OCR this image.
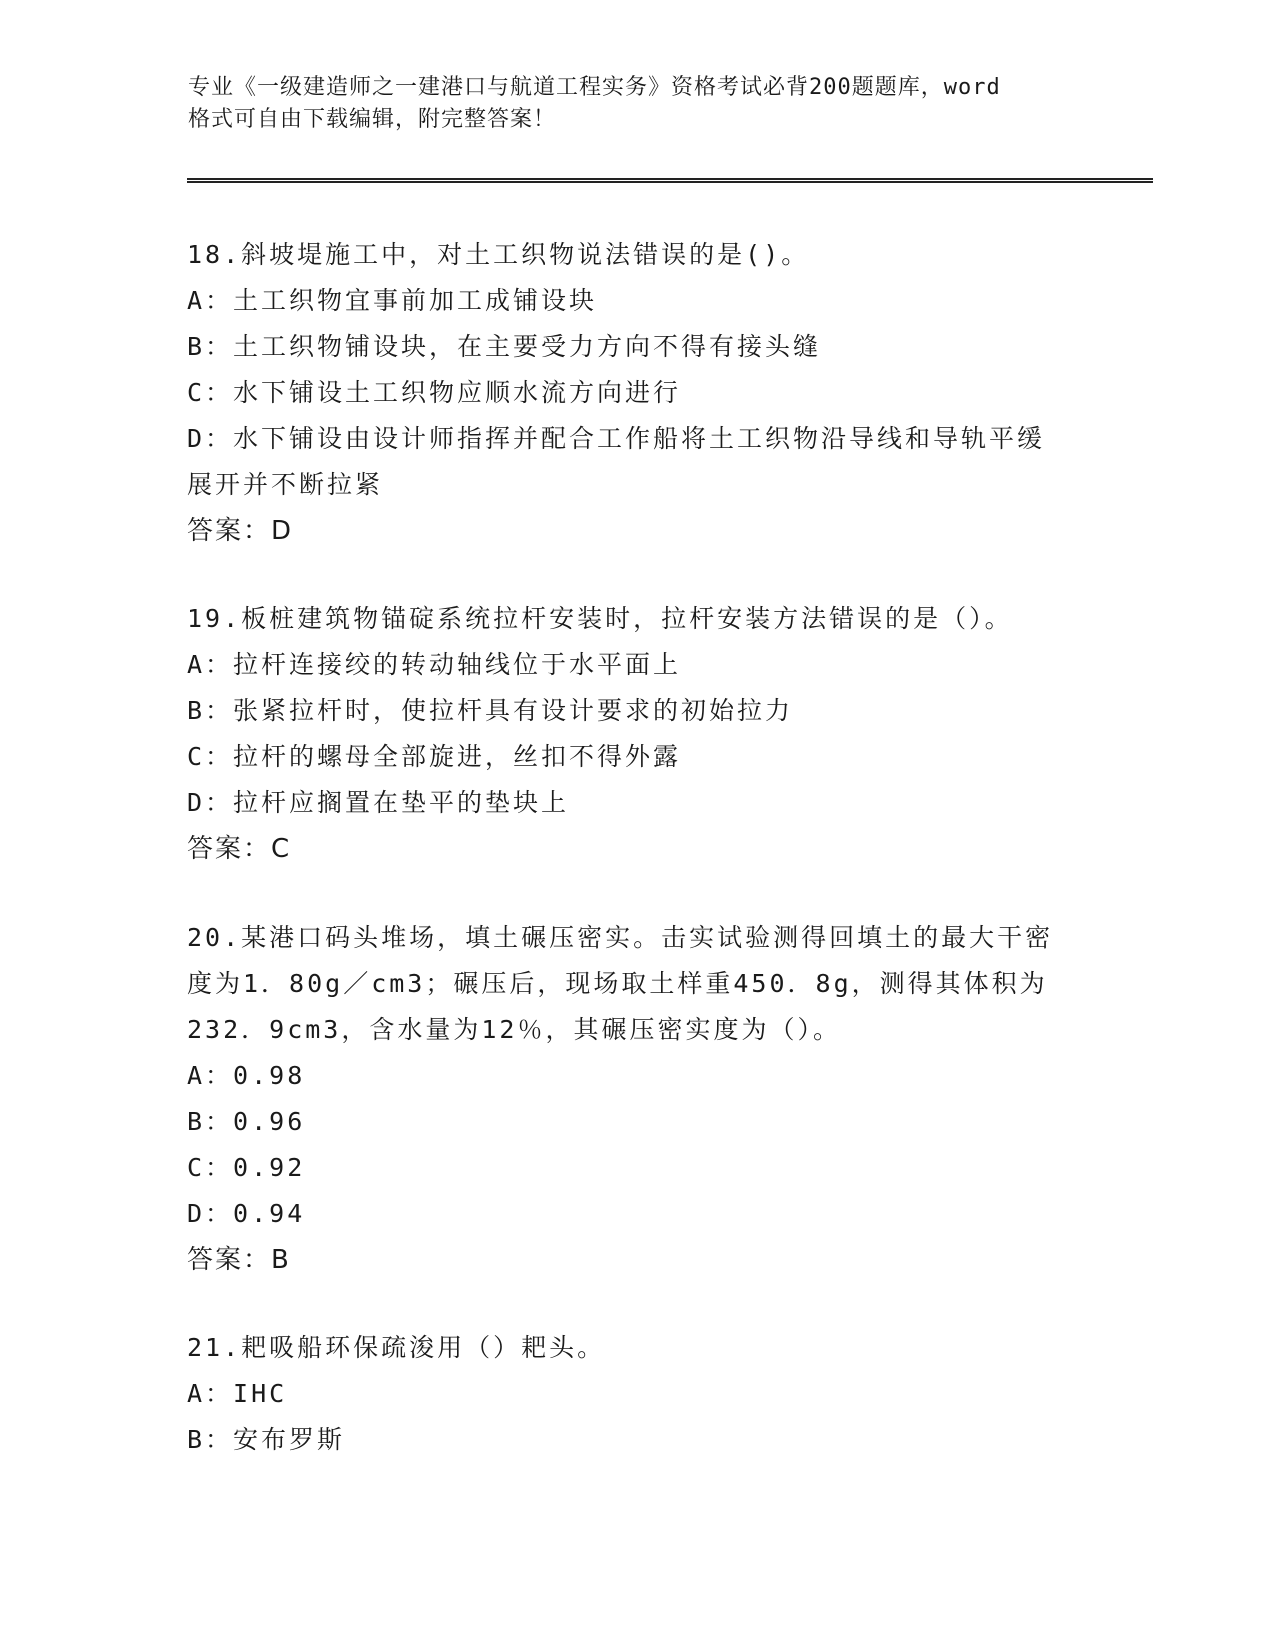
专业《一级建造师之一建港口与航道工程实务》资格考试必背200题题库，word
格式可自由下载编辑，附完整答案！
18.斜坡堤施工中，对土工织物说法错误的是()。
A：土工织物宜事前加工成铺设块
B：土工织物铺设块，在主要受力方向不得有接头缝
C：水下铺设土工织物应顺水流方向进行
D：水下铺设由设计师指挥并配合工作船将土工织物沿导线和导轨平缓
展开并不断拉紧
答案：D
19.板桩建筑物锚碇系统拉杆安装时，拉杆安装方法错误的是（）。
A：拉杆连接绞的转动轴线位于水平面上
B：张紧拉杆时，使拉杆具有设计要求的初始拉力
C：拉杆的螺母全部旋进，丝扣不得外露
D：拉杆应搁置在垫平的垫块上
答案：C
20.某港口码头堆场，填土碾压密实。击实试验测得回填土的最大干密
度为1．80g／cm3；碾压后，现场取土样重450．8g，测得其体积为
232．9cm3，含水量为12％，其碾压密实度为（）。
A：0.98
B：0.96
C：0.92
D：0.94
答案：B
21.耙吸船环保疏浚用（）耙头。
A：IHC
B：安布罗斯
